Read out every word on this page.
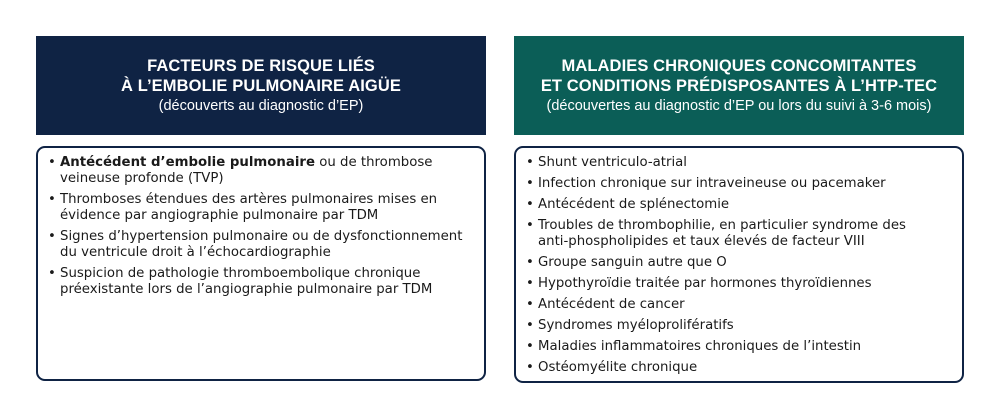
FACTEURS DE RISQUE LIÉS
À L’EMBOLIE PULMONAIRE AIGÜE
(découverts au diagnostic d’EP)
• Antécédent d’embolie pulmonaire ou de thrombose
veineuse profonde (TVP)
• Thromboses étendues des artères pulmonaires mises en
évidence par angiographie pulmonaire par TDM
• Signes d’hypertension pulmonaire ou de dysfonctionnement
du ventricule droit à l’échocardiographie
• Suspicion de pathologie thromboembolique chronique
préexistante lors de l’angiographie pulmonaire par TDM
MALADIES CHRONIQUES CONCOMITANTES
ET CONDITIONS PRÉDISPOSANTES À L’HTP-TEC
(découvertes au diagnostic d’EP ou lors du suivi à 3-6 mois)
• Shunt ventriculo-atrial
• Infection chronique sur intraveineuse ou pacemaker
• Antécédent de splénectomie
• Troubles de thrombophilie, en particulier syndrome des
anti-phospholipides et taux élevés de facteur VIII
• Groupe sanguin autre que O
• Hypothyroïdie traitée par hormones thyroïdiennes
• Antécédent de cancer
• Syndromes myéloprolifératifs
• Maladies inflammatoires chroniques de l’intestin
• Ostéomyélite chronique
